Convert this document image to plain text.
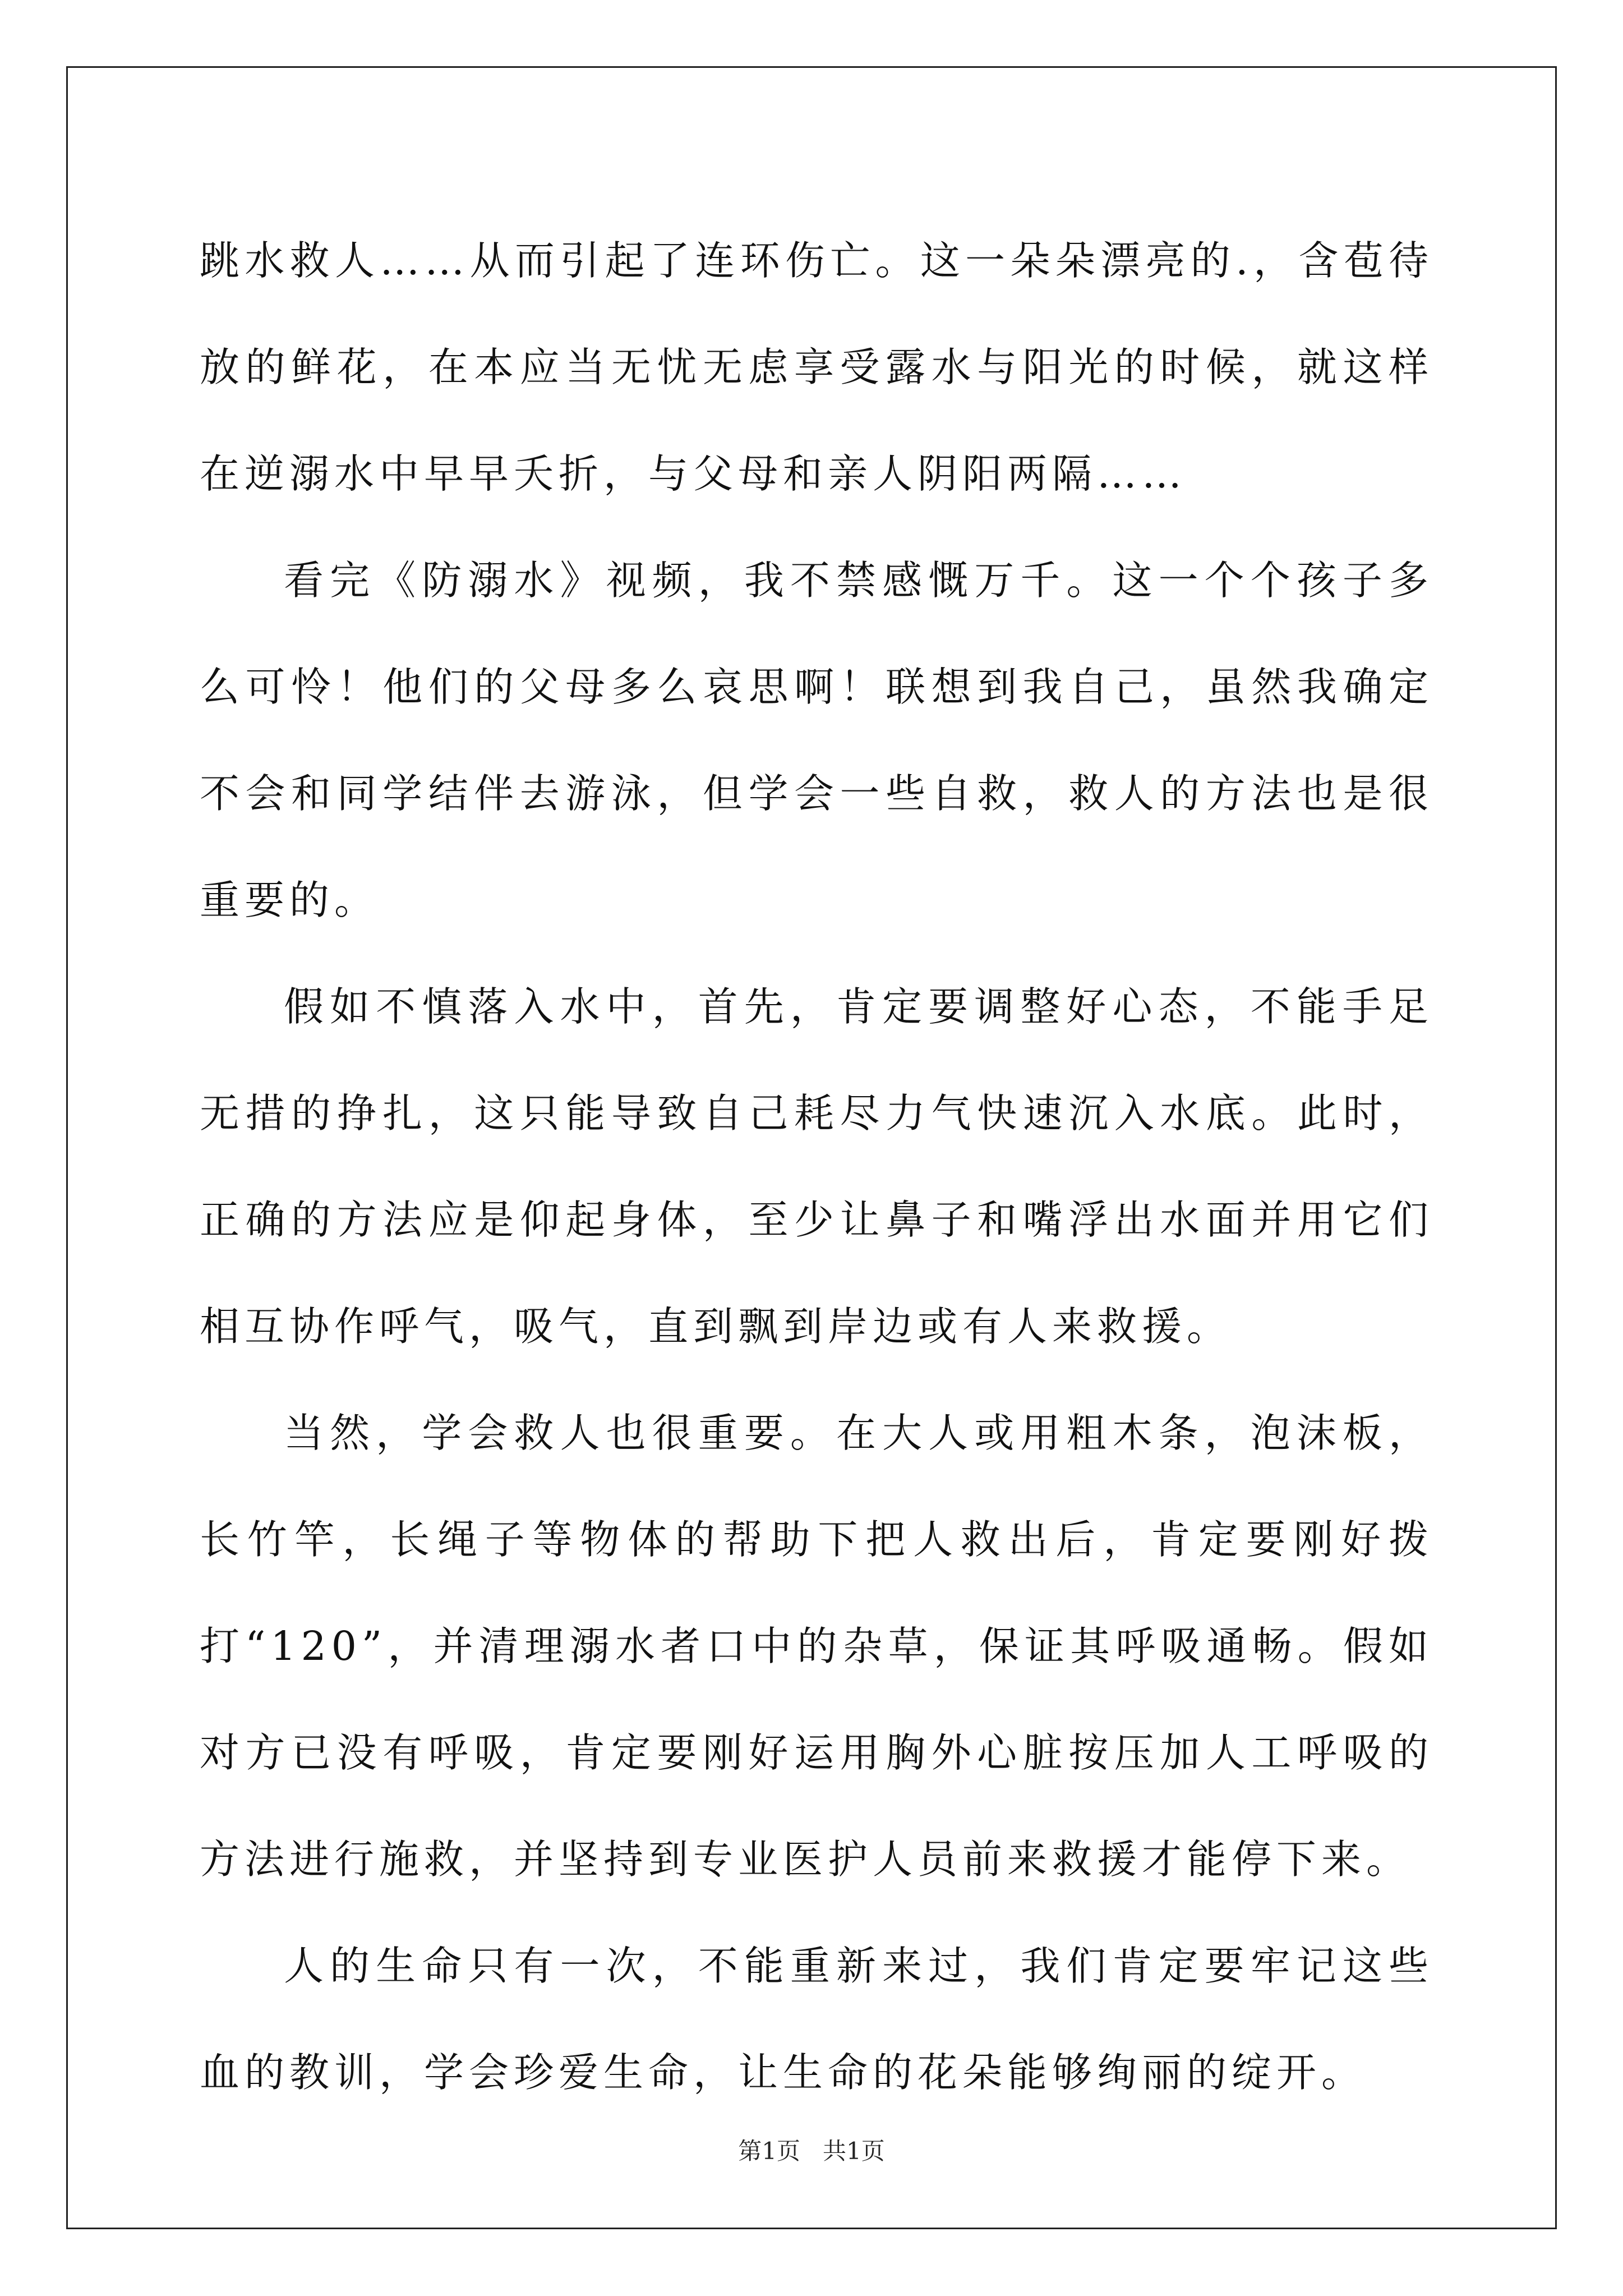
跳水救人……从而引起了连环伤亡。这一朵朵漂亮的.，含苞待放的鲜花，在本应当无忧无虑享受露水与阳光的时候，就这样在逆溺水中早早夭折，与父母和亲人阴阳两隔……

看完《防溺水》视频，我不禁感慨万千。这一个个孩子多么可怜！他们的父母多么哀思啊！联想到我自己，虽然我确定不会和同学结伴去游泳，但学会一些自救，救人的方法也是很重要的。

假如不慎落入水中，首先，肯定要调整好心态，不能手足无措的挣扎，这只能导致自己耗尽力气快速沉入水底。此时，正确的方法应是仰起身体，至少让鼻子和嘴浮出水面并用它们相互协作呼气，吸气，直到飘到岸边或有人来救援。

当然，学会救人也很重要。在大人或用粗木条，泡沫板，长竹竿，长绳子等物体的帮助下把人救出后，肯定要刚好拨打“120”，并清理溺水者口中的杂草，保证其呼吸通畅。假如对方已没有呼吸，肯定要刚好运用胸外心脏按压加人工呼吸的方法进行施救，并坚持到专业医护人员前来救援才能停下来。

人的生命只有一次，不能重新来过，我们肯定要牢记这些血的教训，学会珍爱生命，让生命的花朵能够绚丽的绽开。

第1页 共1页
